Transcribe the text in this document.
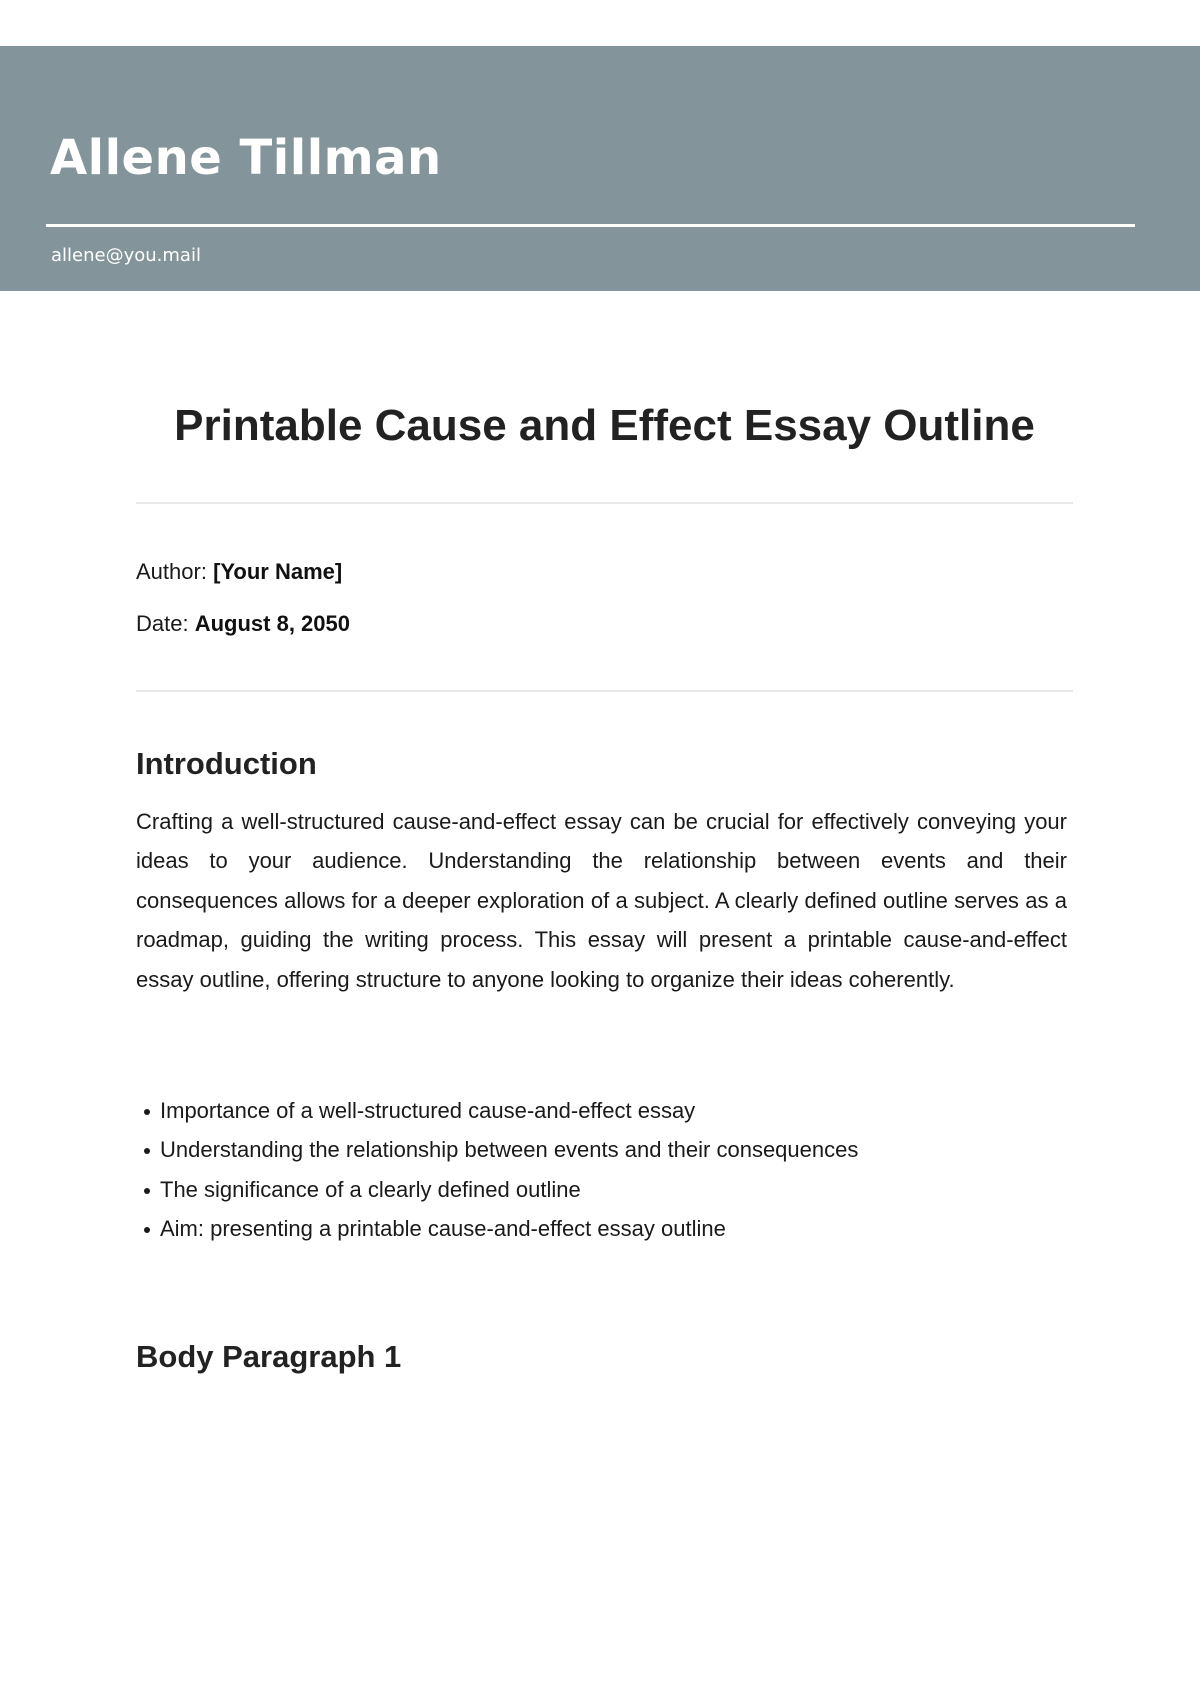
Allene Tillman
allene@you.mail
Printable Cause and Effect Essay Outline
Author: [Your Name]
Date: August 8, 2050
Introduction

Crafting a well-structured cause-and-effect essay can be crucial for effectively conveying your ideas to your audience. Understanding the relationship between events and their consequences allows for a deeper exploration of a subject. A clearly defined outline serves as a roadmap, guiding the writing process. This essay will present a printable cause-and-effect essay outline, offering structure to anyone looking to organize their ideas coherently.

Importance of a well-structured cause-and-effect essay
Understanding the relationship between events and their consequences
The significance of a clearly defined outline
Aim: presenting a printable cause-and-effect essay outline
Body Paragraph 1
